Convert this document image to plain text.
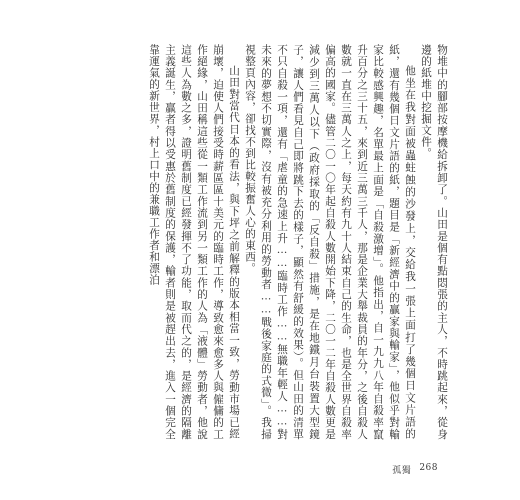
物堆中的腳部按摩機給拆卸了。山田是個有點悶張的主人，不時跳起來，從身邊的紙堆中挖掘文件。

他坐在我對面被蟲蛀蝕的沙發上，交給我一張上面打了幾個日文片語的紙，還有幾個日文片語的紙，題目是「新經濟中的贏家與輸家」，他似乎對輸家比較感興趣，名單最上面是「自殺激增」。他指出，自一九九八年自殺率竄升百分之三十五，來到近三萬三千人，那是企業大舉裁員的年分，之後自殺人數就一直在三萬人之上，每天約有九十人結束自己的生命，也是全世界自殺率偏高的國家。儘管二〇一〇年起自殺人數開始下降，二〇一二年自殺人數更是減少到三萬人以下（政府採取的「反自殺」措施，是在地鐵月台裝置大型鏡子，讓人們看見自己即將跳下去的樣子，顯然有舒緩的效果）。但山田的清單不只自殺一項，還有「虐童的急速上升……臨時工作……無職年輕人……對未來的夢想不切實際，沒有被充分利用的勞動者……戰後家庭的式微」。我掃視整頁內容，卻找不到比較振奮人心的東西。

山田對當代日本的看法，與下坪之前解釋的版本相當一致，勞動市場已經崩壞，迫使人們接受時薪區區十美元的臨時工作，導致愈來愈多人與僱傭的工作絕緣，山田稱這些從一類工作流到另一類工作的人為「液體」勞動者，他說這些人為數之多，證明舊制度已經發揮不了功能，取而代之的，是經濟的隔離主義誕生，贏者得以受惠於舊制度的保護，輸者則是被趕出去，進入一個完全靠運氣的新世界，村上口中的兼職工作者和漂泊

孤獨 268
